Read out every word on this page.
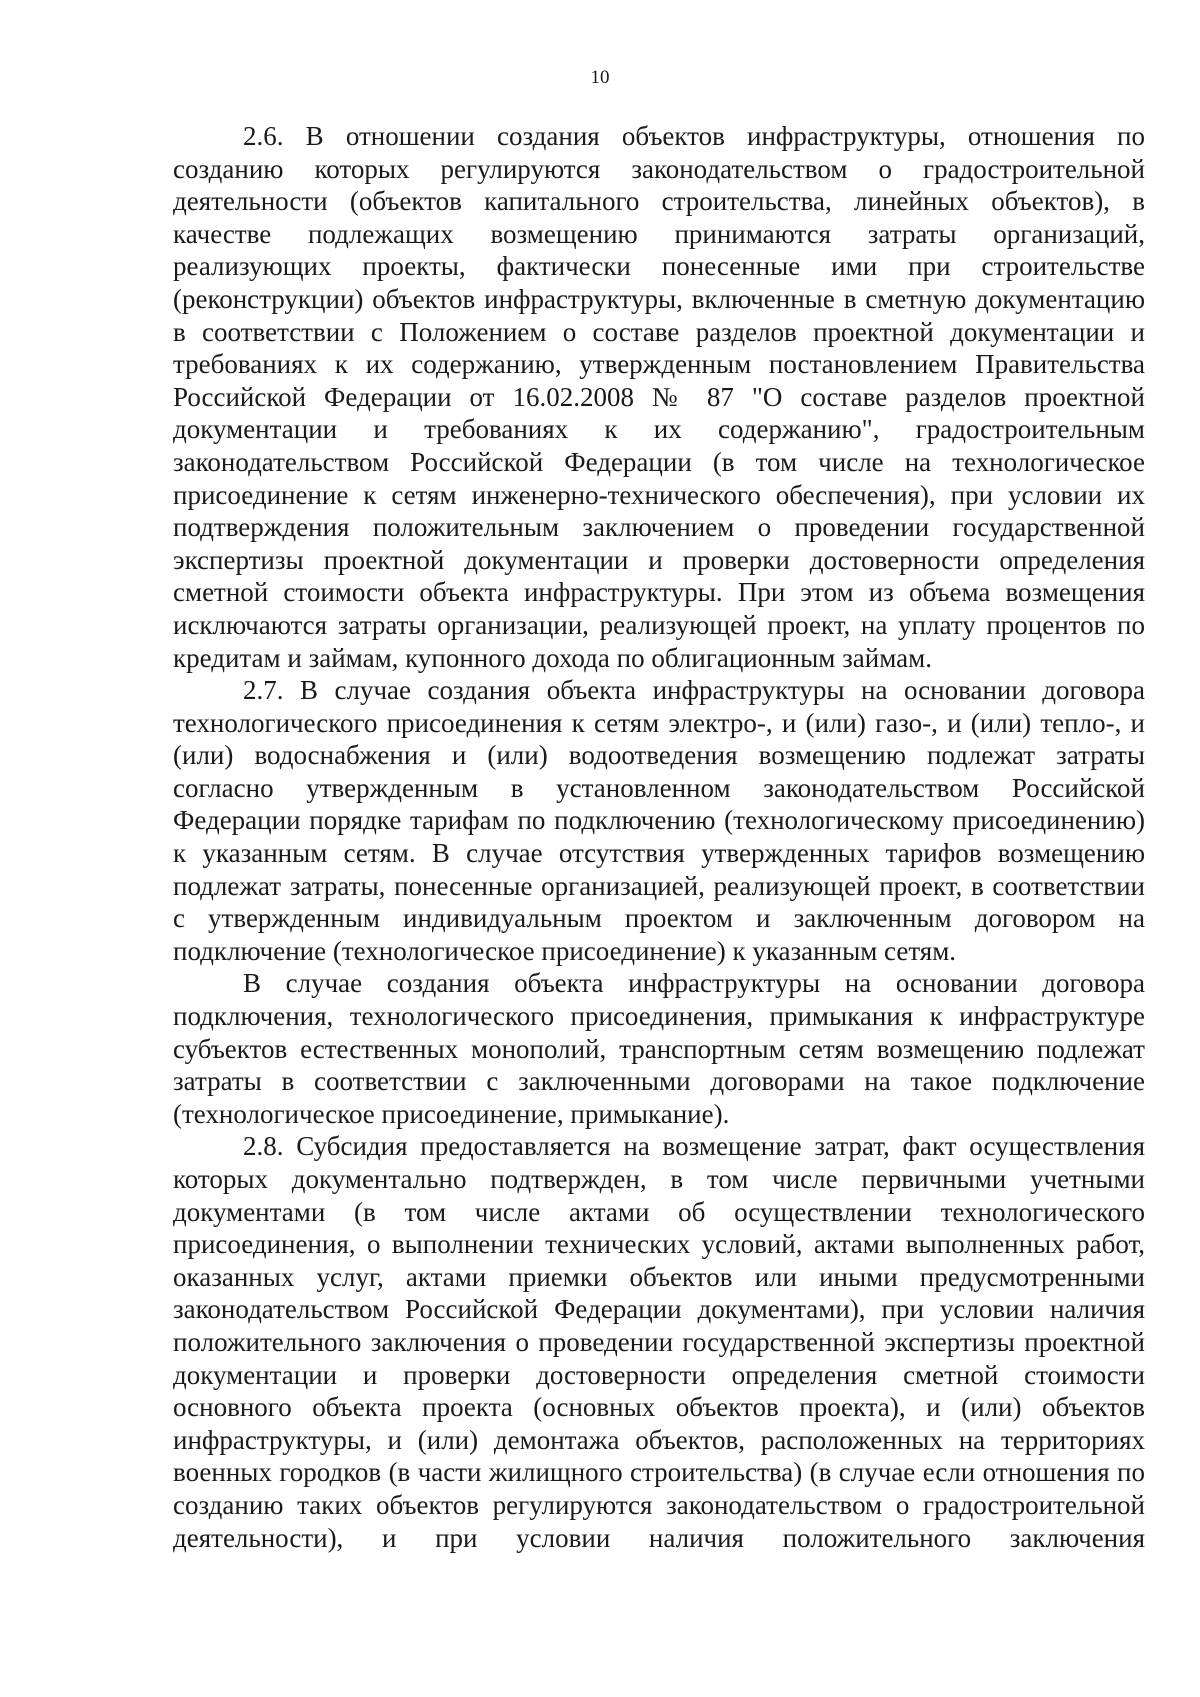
10

2.6. В отношении создания объектов инфраструктуры, отношения по созданию которых регулируются законодательством о градостроительной деятельности (объектов капитального строительства, линейных объектов), в качестве подлежащих возмещению принимаются затраты организаций, реализующих проекты, фактически понесенные ими при строительстве (реконструкции) объектов инфраструктуры, включенные в сметную документацию в соответствии с Положением о составе разделов проектной документации и требованиях к их содержанию, утвержденным постановлением Правительства Российской Федерации от 16.02.2008 № 87 "О составе разделов проектной документации и требованиях к их содержанию", градостроительным законодательством Российской Федерации (в том числе на технологическое присоединение к сетям инженерно-технического обеспечения), при условии их подтверждения положительным заключением о проведении государственной экспертизы проектной документации и проверки достоверности определения сметной стоимости объекта инфраструктуры. При этом из объема возмещения исключаются затраты организации, реализующей проект, на уплату процентов по кредитам и займам, купонного дохода по облигационным займам.

2.7. В случае создания объекта инфраструктуры на основании договора технологического присоединения к сетям электро-, и (или) газо-, и (или) тепло-, и (или) водоснабжения и (или) водоотведения возмещению подлежат затраты согласно утвержденным в установленном законодательством Российской Федерации порядке тарифам по подключению (технологическому присоединению) к указанным сетям. В случае отсутствия утвержденных тарифов возмещению подлежат затраты, понесенные организацией, реализующей проект, в соответствии с утвержденным индивидуальным проектом и заключенным договором на подключение (технологическое присоединение) к указанным сетям.

В случае создания объекта инфраструктуры на основании договора подключения, технологического присоединения, примыкания к инфраструктуре субъектов естественных монополий, транспортным сетям возмещению подлежат затраты в соответствии с заключенными договорами на такое подключение (технологическое присоединение, примыкание).

2.8. Субсидия предоставляется на возмещение затрат, факт осуществления которых документально подтвержден, в том числе первичными учетными документами (в том числе актами об осуществлении технологического присоединения, о выполнении технических условий, актами выполненных работ, оказанных услуг, актами приемки объектов или иными предусмотренными законодательством Российской Федерации документами), при условии наличия положительного заключения о проведении государственной экспертизы проектной документации и проверки достоверности определения сметной стоимости основного объекта проекта (основных объектов проекта), и (или) объектов инфраструктуры, и (или) демонтажа объектов, расположенных на территориях военных городков (в части жилищного строительства) (в случае если отношения по созданию таких объектов регулируются законодательством о градостроительной деятельности), и при условии наличия положительного заключения
